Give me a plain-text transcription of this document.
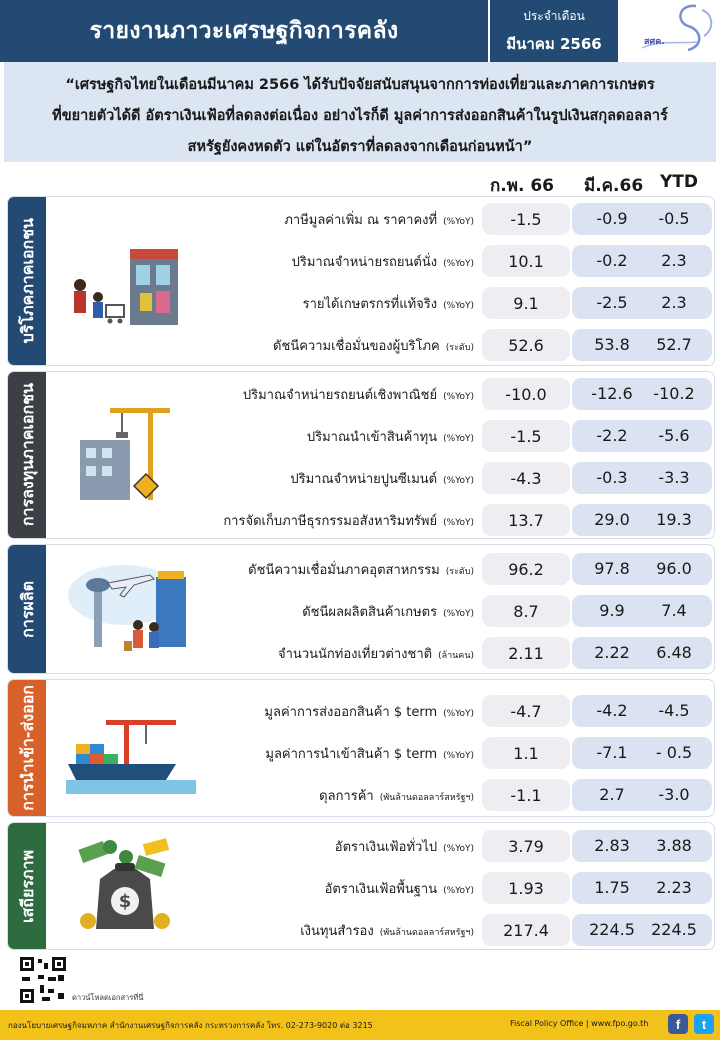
รายงานภาวะเศรษฐกิจการคลัง
ประจำเดือน
มีนาคม 2566	สศค.
“เศรษฐกิจไทยในเดือนมีนาคม 2566 ได้รับปัจจัยสนับสนุนจากการท่องเที่ยวและภาคการเกษตร
ที่ขยายตัวได้ดี อัตราเงินเฟ้อที่ลดลงต่อเนื่อง อย่างไรก็ดี มูลค่าการส่งออกสินค้าในรูปเงินสกุลดอลลาร์
สหรัฐยังคงหดตัว แต่ในอัตราที่ลดลงจากเดือนก่อนหน้า”
ก.พ. 66 มี.ค.66 YTD
บริโภคภาคเอกชน	ภาษีมูลค่าเพิ่ม ณ ราคาคงที่ (%YoY)	-1.5	-0.9	-0.5
ปริมาณจำหน่ายรถยนต์นั่ง (%YoY)	10.1	-0.2	2.3
รายได้เกษตรกรที่แท้จริง (%YoY)	9.1	-2.5	2.3
ดัชนีความเชื่อมั่นของผู้บริโภค (ระดับ)	52.6	53.8	52.7
การลงทุนภาคเอกชน	ปริมาณจำหน่ายรถยนต์เชิงพาณิชย์ (%YoY)	-10.0	-12.6	-10.2
ปริมาณนำเข้าสินค้าทุน (%YoY)	-1.5	-2.2	-5.6
ปริมาณจำหน่ายปูนซีเมนต์ (%YoY)	-4.3	-0.3	-3.3
การจัดเก็บภาษีธุรกรรมอสังหาริมทรัพย์ (%YoY)	13.7	29.0	19.3
การผลิต
ดัชนีความเชื่อมั่นภาคอุตสาหกรรม (ระดับ)	96.2	97.8	96.0
ดัชนีผลผลิตสินค้าเกษตร (%YoY)	8.7	9.9	7.4
จำนวนนักท่องเที่ยวต่างชาติ (ล้านคน)	2.11	2.22	6.48
การนำเข้า-ส่งออก	มูลค่าการส่งออกสินค้า $ term (%YoY)	-4.7	-4.2	-4.5
มูลค่าการนำเข้าสินค้า $ term (%YoY)	1.1	-7.1	- 0.5
ดุลการค้า (พันล้านดอลลาร์สหรัฐฯ)	-1.1	2.7	-3.0
เสถียรภาพ	$
อัตราเงินเฟ้อทั่วไป (%YoY)	3.79	2.83	3.88
อัตราเงินเฟ้อพื้นฐาน (%YoY)	1.93	1.75	2.23
เงินทุนสำรอง (พันล้านดอลลาร์สหรัฐฯ)	217.4	224.5	224.5
ดาวน์โหลดเอกสารที่นี่
กองนโยบายเศรษฐกิจมหภาค สำนักงานเศรษฐกิจการคลัง กระทรวงการคลัง โทร. 02-273-9020 ต่อ 3215	Fiscal Policy Office | www.fpo.go.th	f	t
